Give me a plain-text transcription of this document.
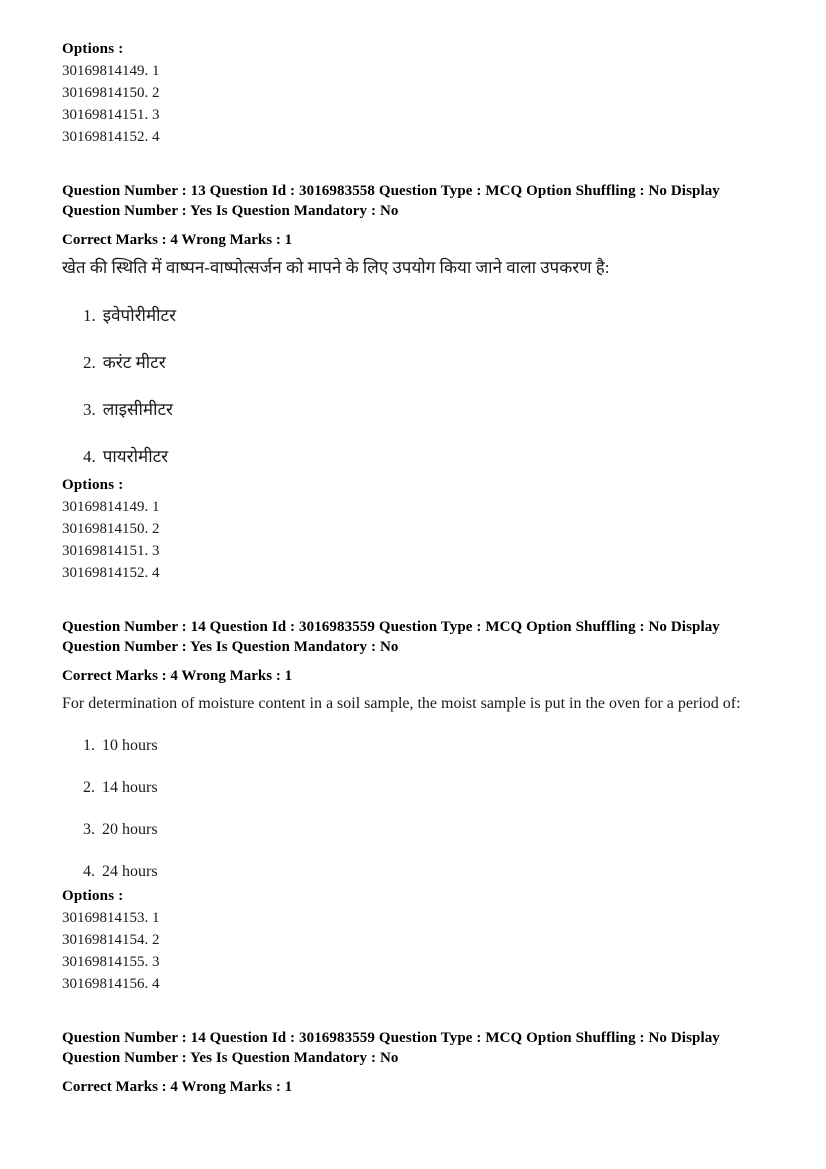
Options :
30169814149. 1
30169814150. 2
30169814151. 3
30169814152. 4
Question Number : 13 Question Id : 3016983558 Question Type : MCQ Option Shuffling : No Display Question Number : Yes Is Question Mandatory : No
Correct Marks : 4 Wrong Marks : 1
खेत की स्थिति में वाष्पन-वाष्पोत्सर्जन को मापने के लिए उपयोग किया जाने वाला उपकरण है:
1. इवेपोरीमीटर
2. करंट मीटर
3. लाइसीमीटर
4. पायरोमीटर
Options :
30169814149. 1
30169814150. 2
30169814151. 3
30169814152. 4
Question Number : 14 Question Id : 3016983559 Question Type : MCQ Option Shuffling : No Display Question Number : Yes Is Question Mandatory : No
Correct Marks : 4 Wrong Marks : 1
For determination of moisture content in a soil sample, the moist sample is put in the oven for a period of:
1. 10 hours
2. 14 hours
3. 20 hours
4. 24 hours
Options :
30169814153. 1
30169814154. 2
30169814155. 3
30169814156. 4
Question Number : 14 Question Id : 3016983559 Question Type : MCQ Option Shuffling : No Display Question Number : Yes Is Question Mandatory : No
Correct Marks : 4 Wrong Marks : 1
